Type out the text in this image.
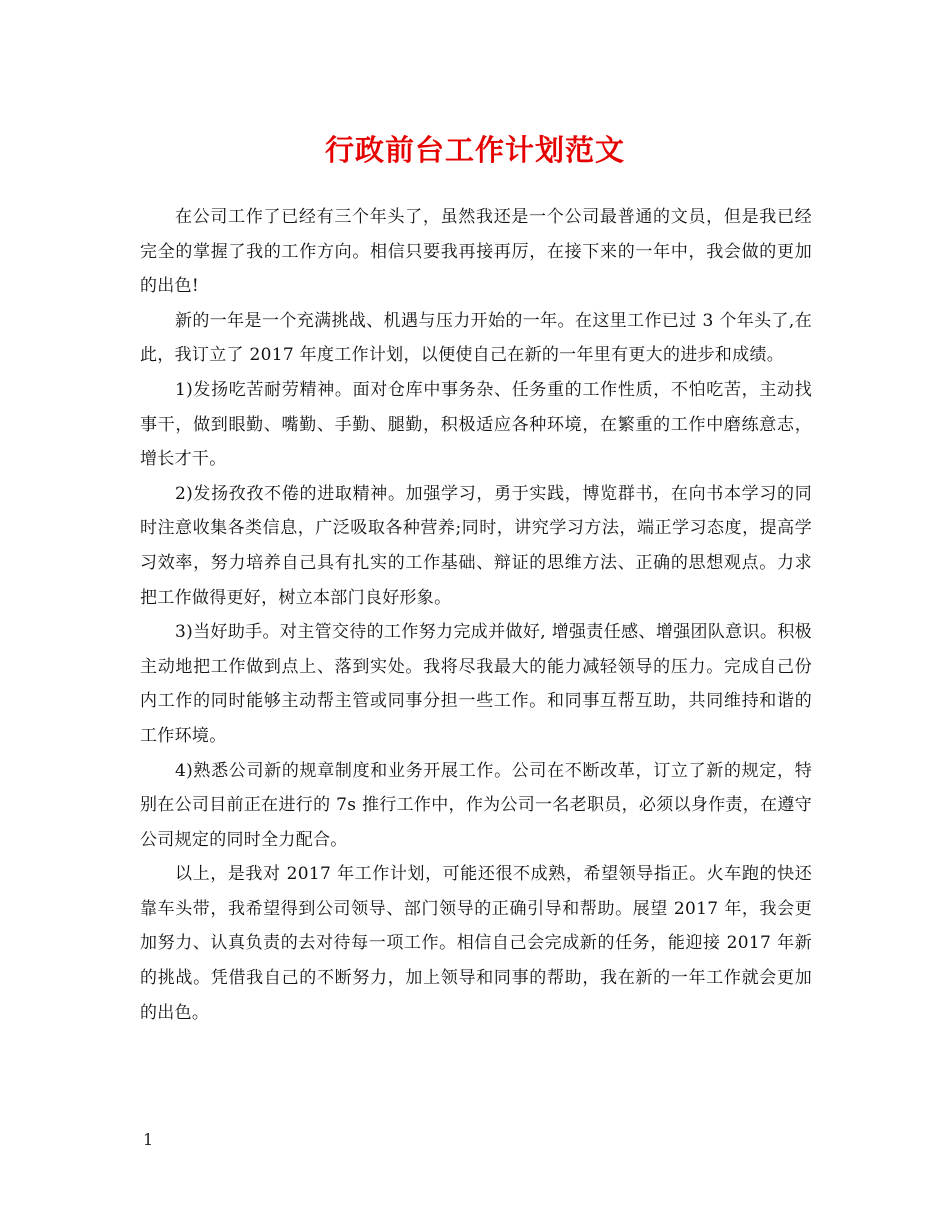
行政前台工作计划范文

在公司工作了已经有三个年头了，虽然我还是一个公司最普通的文员，但是我已经完全的掌握了我的工作方向。相信只要我再接再厉，在接下来的一年中，我会做的更加的出色!

新的一年是一个充满挑战、机遇与压力开始的一年。在这里工作已过 3 个年头了,在此，我订立了 2017 年度工作计划，以便使自己在新的一年里有更大的进步和成绩。

1)发扬吃苦耐劳精神。面对仓库中事务杂、任务重的工作性质，不怕吃苦，主动找事干，做到眼勤、嘴勤、手勤、腿勤，积极适应各种环境，在繁重的工作中磨练意志，增长才干。

2)发扬孜孜不倦的进取精神。加强学习，勇于实践，博览群书，在向书本学习的同时注意收集各类信息，广泛吸取各种营养;同时，讲究学习方法，端正学习态度，提高学习效率，努力培养自己具有扎实的工作基础、辩证的思维方法、正确的思想观点。力求把工作做得更好，树立本部门良好形象。

3)当好助手。对主管交待的工作努力完成并做好, 增强责任感、增强团队意识。积极主动地把工作做到点上、落到实处。我将尽我最大的能力减轻领导的压力。完成自己份内工作的同时能够主动帮主管或同事分担一些工作。和同事互帮互助，共同维持和谐的工作环境。

4)熟悉公司新的规章制度和业务开展工作。公司在不断改革，订立了新的规定，特别在公司目前正在进行的 7s 推行工作中，作为公司一名老职员，必须以身作责，在遵守公司规定的同时全力配合。

以上，是我对 2017 年工作计划，可能还很不成熟，希望领导指正。火车跑的快还靠车头带，我希望得到公司领导、部门领导的正确引导和帮助。展望 2017 年，我会更加努力、认真负责的去对待每一项工作。相信自己会完成新的任务，能迎接 2017 年新的挑战。凭借我自己的不断努力，加上领导和同事的帮助，我在新的一年工作就会更加的出色。

1
